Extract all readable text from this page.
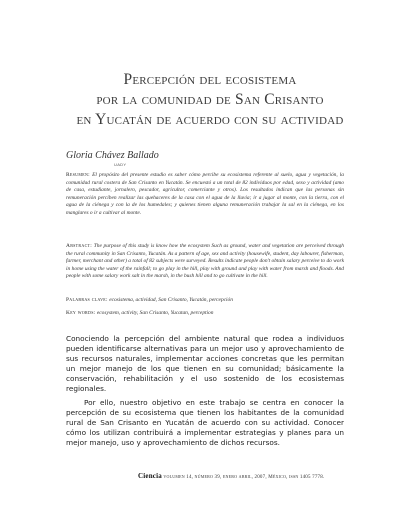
Percepción del ecosistema
por la comunidad de San Crisanto
en Yucatán de acuerdo con su actividad
Gloria Chávez Ballado
UADY

Resumen: El propósito del presente estudio es saber cómo percibe su ecosistema referente al suelo, agua y vegetación, la comunidad rural costera de San Crisanto en Yucatán. Se encuestó a un total de 82 individuos por edad, sexo y actividad (amo de casa, estudiante, jornalero, pescador, agricultor, comerciante y otros). Los resultados indican que las personas sin remuneración perciben realizar las quehaceres de la casa con el agua de la lluvia; ir a jugar al monte, con la tierra, con el agua de la ciénega y con la de los humedales; y quienes tienen alguna remuneración trabajar la sal en la ciénega, en los manglares o ir a cultivar al monte.

Abstract: The purpose of this study is know how the ecosystem Such as ground, water and vegetation are perceived through the rural community in San Crisanto, Yucatán. As a pattern of age, sex and activity (housewife, student, day labourer, fisherman, farmer, merchant and other) a total of 82 subjects were surveyed. Results indicate people don't obtain salary perceive to do work in home using the water of the rainfall; to go play in the hill, play with ground and play with water from marsh and floods. And people with some salary work salt in the marsh, in the bush hill and to go cultivate in the hill.

Palabras clave: ecosistema, actividad, San Crisanto, Yucatán, percepción

Key words: ecosystem, activity, San Crisanto, Yucatan, perception

Conociendo la percepción del ambiente natural que rodea a individuos pueden identificarse alternativas para un mejor uso y aprovechamiento de sus recursos naturales, implementar acciones concretas que les permitan un mejor manejo de los que tienen en su comunidad; básicamente la conservación, rehabilitación y el uso sostenido de los ecosistemas regionales.

Por ello, nuestro objetivo en este trabajo se centra en conocer la percepción de su ecosistema que tienen los habitantes de la comunidad rural de San Crisanto en Yucatán de acuerdo con su actividad. Conocer cómo los utilizan contribuirá a implementar estrategias y planes para un mejor manejo, uso y aprovechamiento de dichos recursos.

Ciencia volumen 14, número 39, enero abril, 2007, México, issn 1405 7778.
